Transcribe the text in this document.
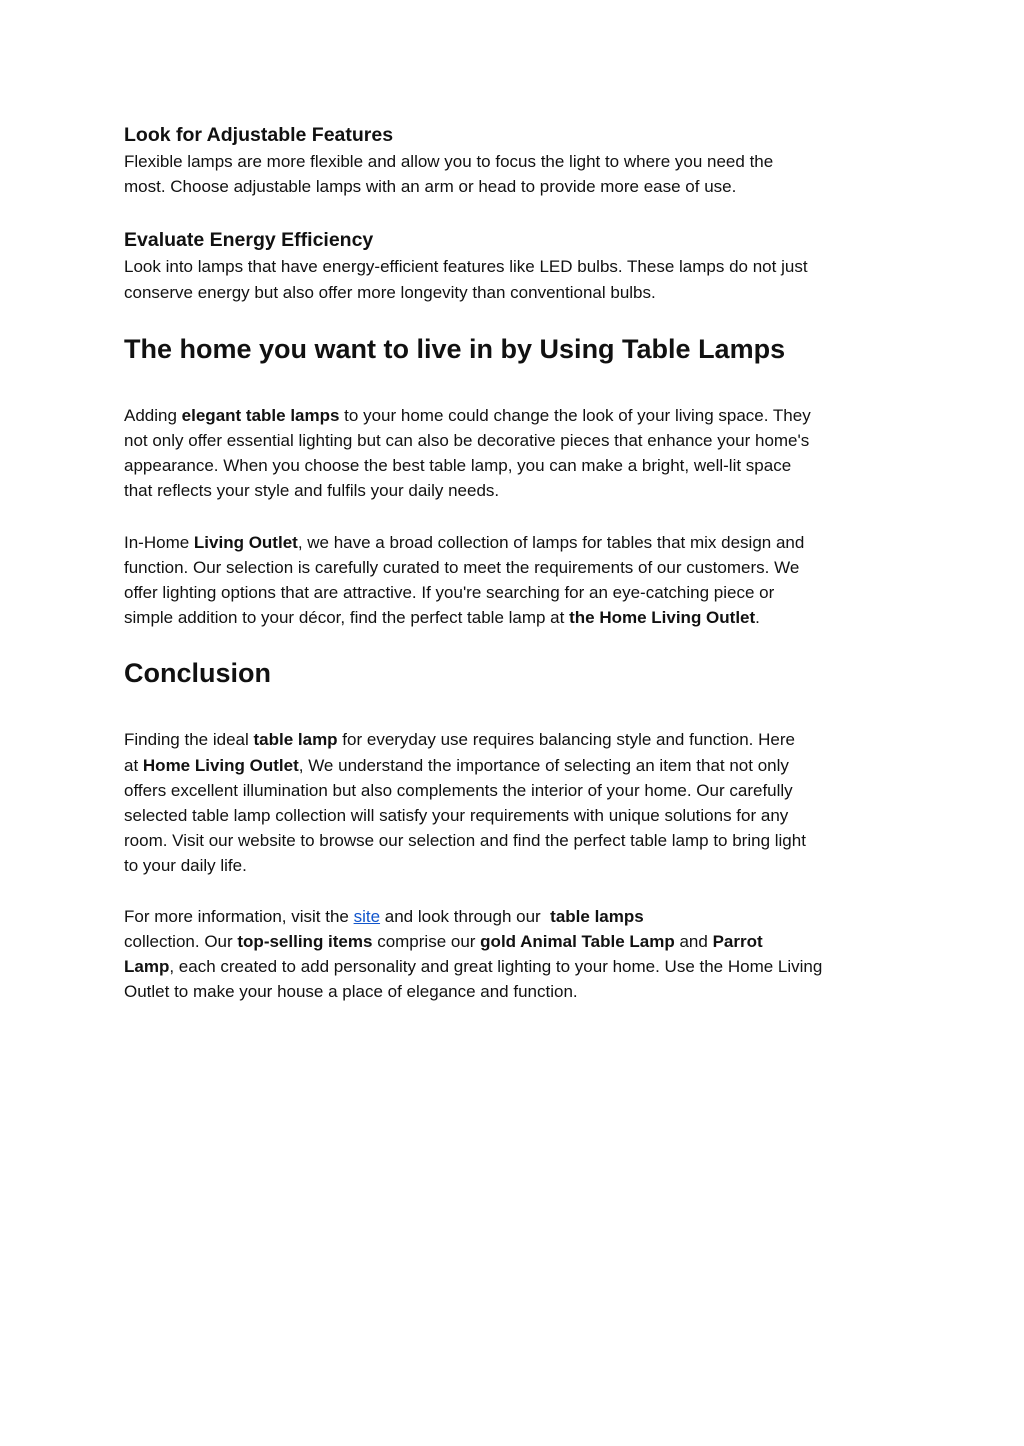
Look for Adjustable Features

Flexible lamps are more flexible and allow you to focus the light to where you need the

most. Choose adjustable lamps with an arm or head to provide more ease of use.

Evaluate Energy Efficiency

Look into lamps that have energy-efficient features like LED bulbs. These lamps do not just

conserve energy but also offer more longevity than conventional bulbs.

The home you want to live in by Using Table Lamps

Adding elegant table lamps to your home could change the look of your living space. They

not only offer essential lighting but can also be decorative pieces that enhance your home's

appearance. When you choose the best table lamp, you can make a bright, well-lit space

that reflects your style and fulfils your daily needs.

In-Home Living Outlet, we have a broad collection of lamps for tables that mix design and

function. Our selection is carefully curated to meet the requirements of our customers. We

offer lighting options that are attractive. If you're searching for an eye-catching piece or

simple addition to your décor, find the perfect table lamp at the Home Living Outlet.

Conclusion

Finding the ideal table lamp for everyday use requires balancing style and function. Here

at Home Living Outlet, We understand the importance of selecting an item that not only

offers excellent illumination but also complements the interior of your home. Our carefully

selected table lamp collection will satisfy your requirements with unique solutions for any

room. Visit our website to browse our selection and find the perfect table lamp to bring light

to your daily life.

For more information, visit the site and look through our  table lamps

collection. Our top-selling items comprise our gold Animal Table Lamp and Parrot

Lamp, each created to add personality and great lighting to your home. Use the Home Living

Outlet to make your house a place of elegance and function.
